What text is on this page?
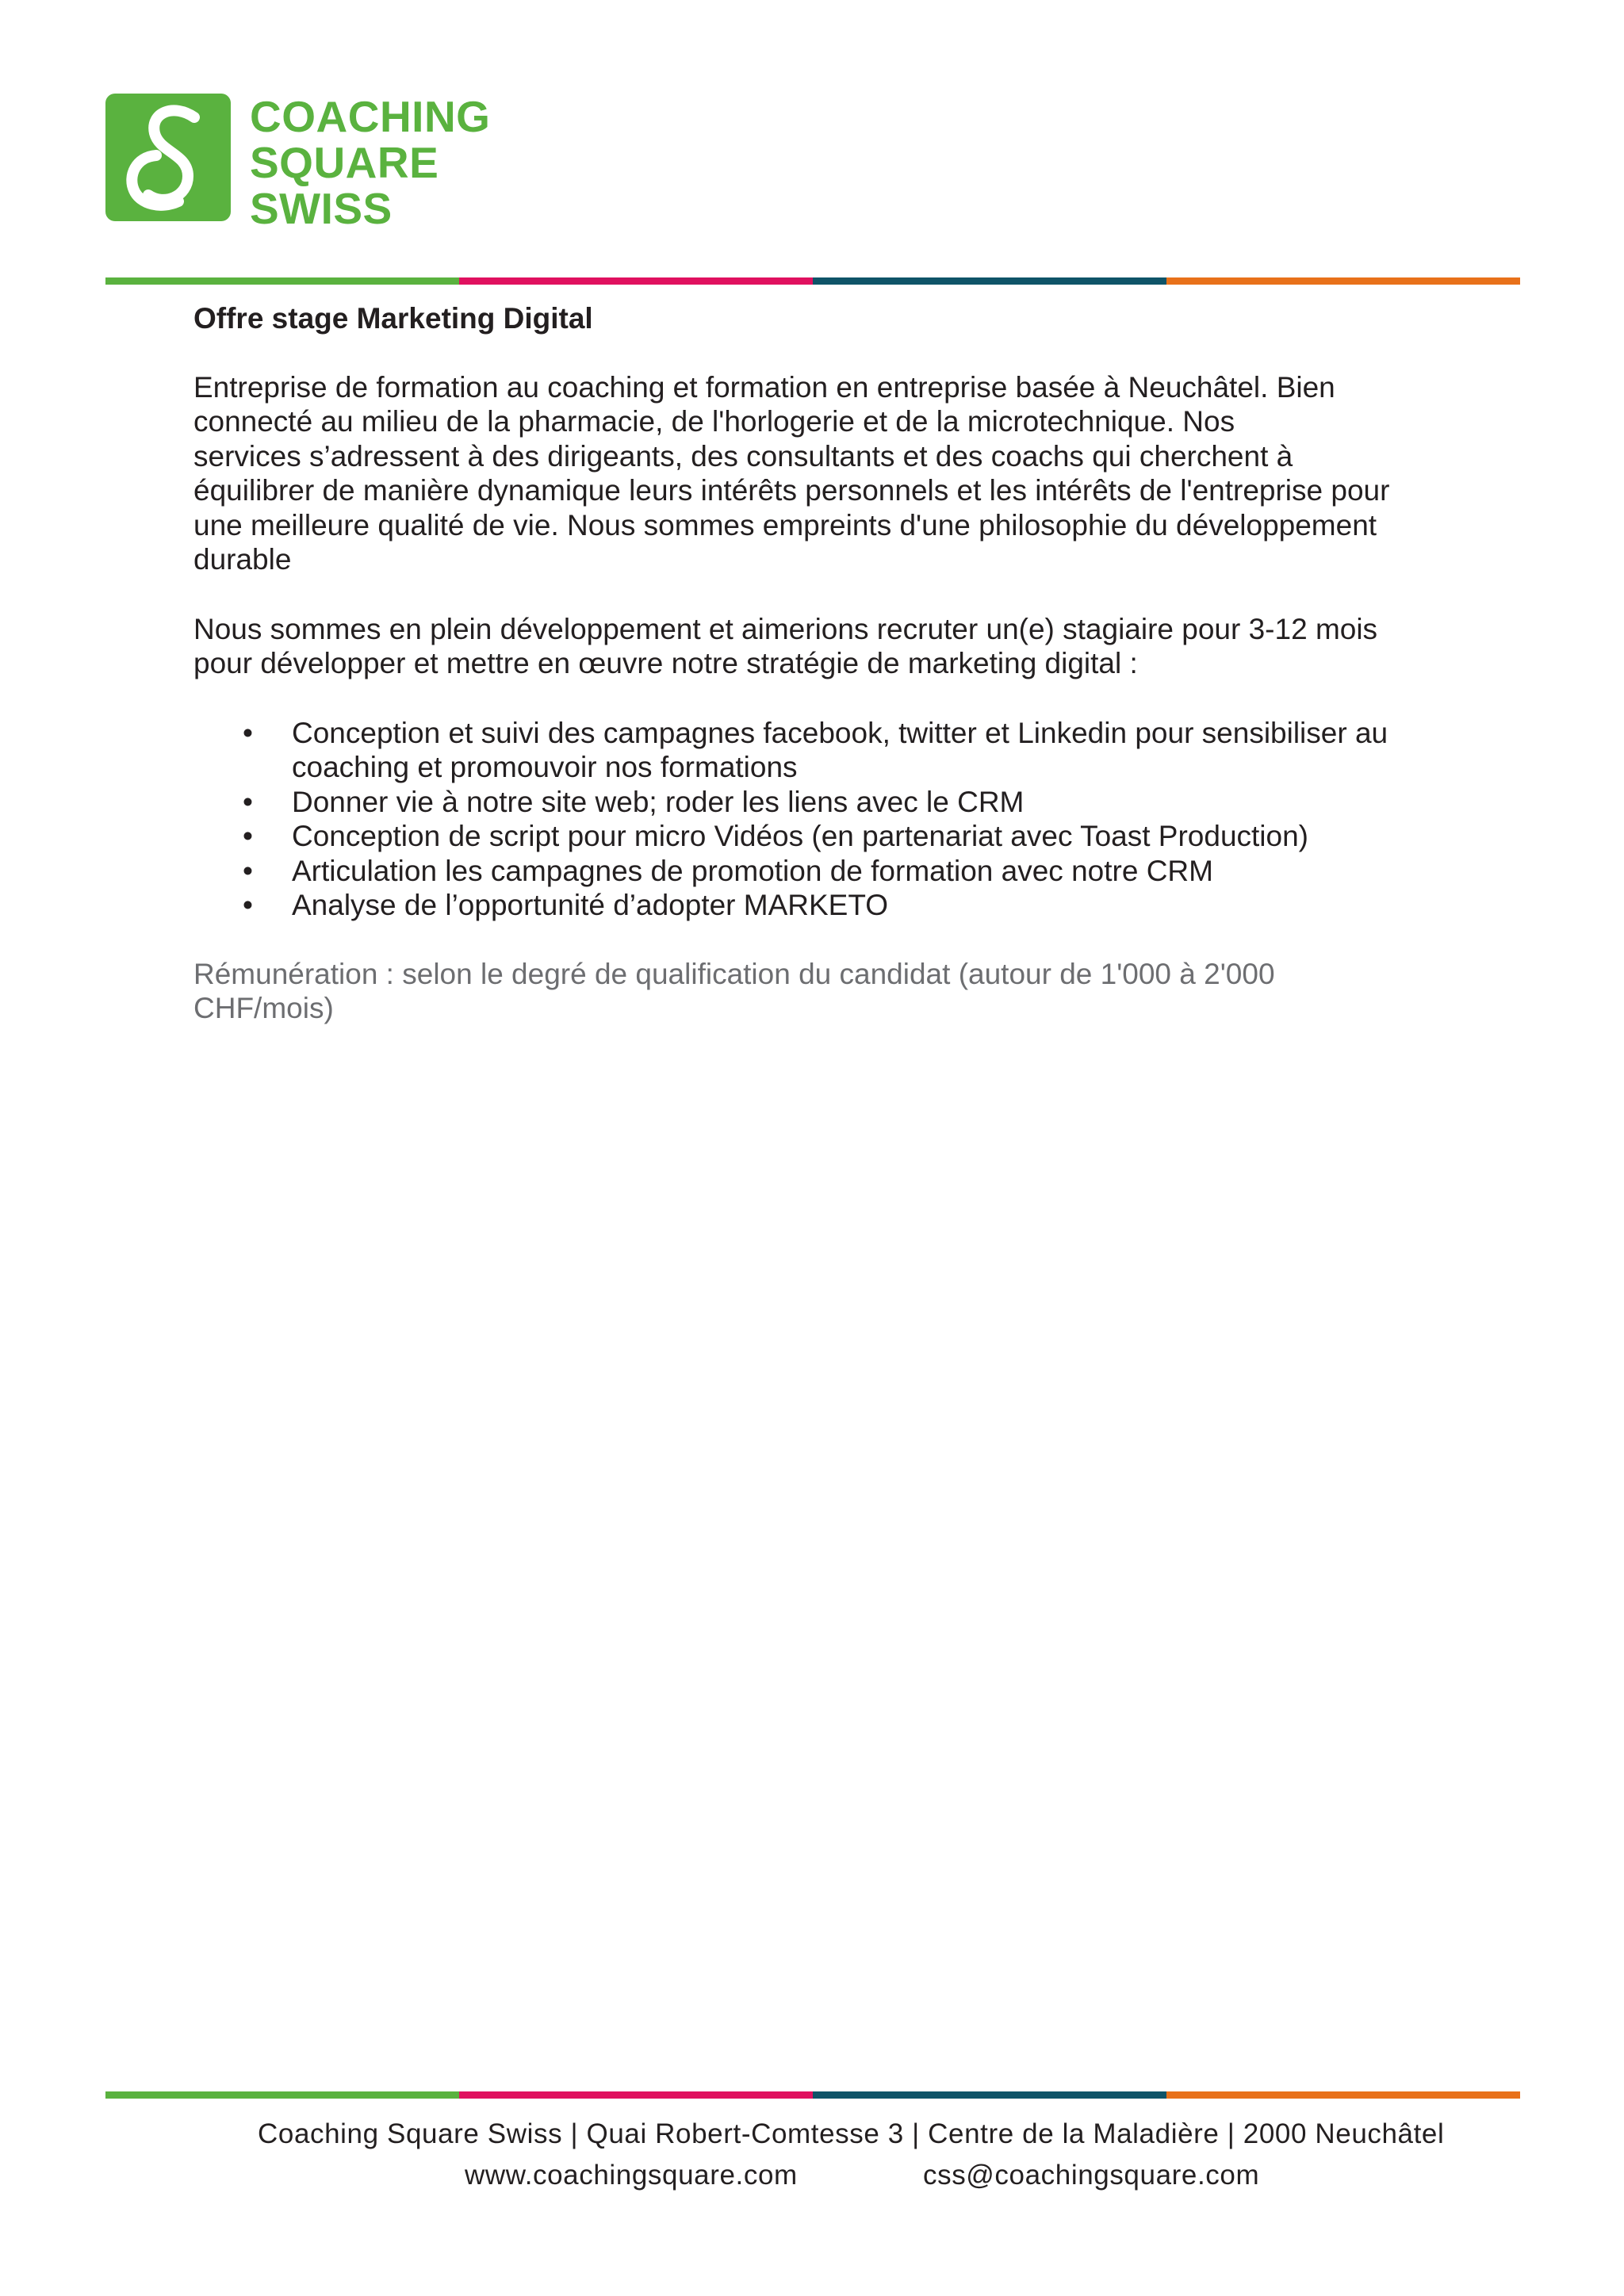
COACHING
SQUARE
SWISS
Offre stage Marketing Digital
Entreprise de formation au coaching et formation en entreprise basée à Neuchâtel. Bien
connecté au milieu de la pharmacie, de l'horlogerie et de la microtechnique. Nos
services s’adressent à des dirigeants, des consultants et des coachs qui cherchent à
équilibrer de manière dynamique leurs intérêts personnels et les intérêts de l'entreprise pour
une meilleure qualité de vie. Nous sommes empreints d'une philosophie du développement
durable
Nous sommes en plein développement et aimerions recruter un(e) stagiaire pour 3-12 mois
pour développer et mettre en œuvre notre stratégie de marketing digital :
• Conception et suivi des campagnes facebook, twitter et Linkedin pour sensibiliser au
coaching et promouvoir nos formations
• Donner vie à notre site web; roder les liens avec le CRM
• Conception de script pour micro Vidéos (en partenariat avec Toast Production)
• Articulation les campagnes de promotion de formation avec notre CRM
• Analyse de l’opportunité d’adopter MARKETO
Rémunération : selon le degré de qualification du candidat (autour de 1'000 à 2'000
CHF/mois)
Coaching Square Swiss | Quai Robert-Comtesse 3 | Centre de la Maladière | 2000 Neuchâtel
www.coachingsquare.com	css@coachingsquare.com
